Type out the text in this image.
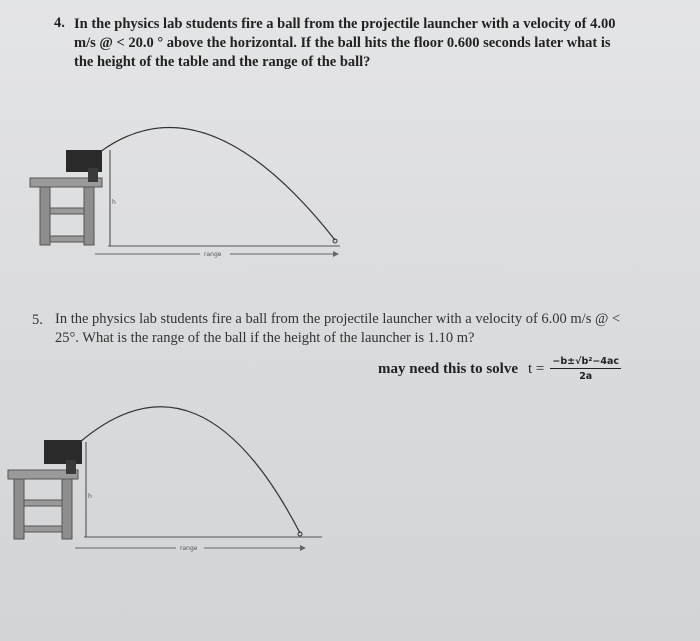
4. In the physics lab students fire a ball from the projectile launcher with a velocity of 4.00
m/s @ < 20.0 ° above the horizontal. If the ball hits the floor 0.600 seconds later what is
the height of the table and the range of the ball?
h
range
5. In the physics lab students fire a ball from the projectile launcher with a velocity of 6.00 m/s @ <
25°. What is the range of the ball if the height of the launcher is 1.10 m?
may need this to solve $t = \frac{\text{−b±√b²−4ac}}{2a}$
h
range
